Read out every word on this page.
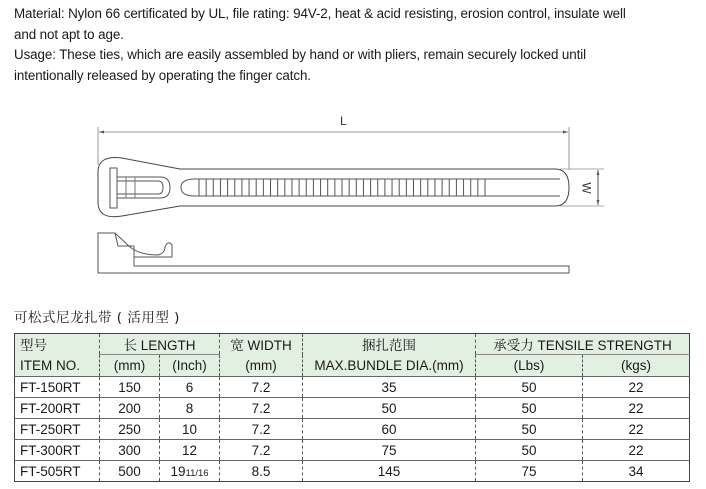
Material: Nylon 66 certificated by UL, file rating: 94V-2, heat & acid resisting, erosion control, insulate well
and not apt to age.

Usage: These ties, which are easily assembled by hand or with pliers, remain securely locked until
intentionally released by operating the finger catch.

L
W
可松式尼龙扎带 ( 活用型 )
型号	长 LENGTH		宽 WIDTH	捆扎范围	承受力 TENSILE STRENGTH	
ITEM NO.	(mm)	(Inch)	(mm)	MAX.BUNDLE DIA.(mm)	(Lbs)	(kgs)
FT-150RT	150	6	7.2	35	50	22
FT-200RT	200	8	7.2	50	50	22
FT-250RT	250	10	7.2	60	50	22
FT-300RT	300	12	7.2	75	50	22
FT-505RT	500	1911/16	8.5	145	75	34
